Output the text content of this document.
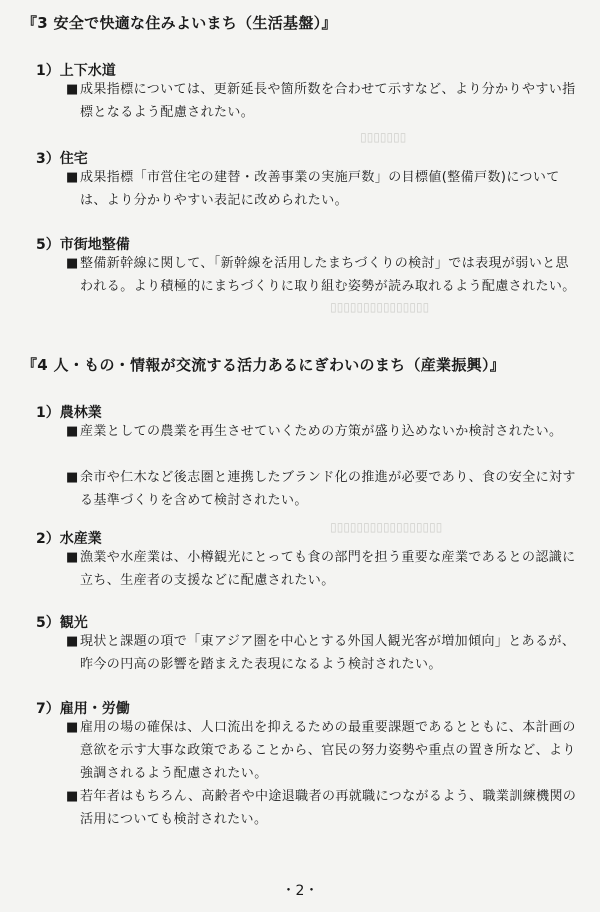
▯▯▯▯▯▯▯
▯▯▯▯▯▯▯▯▯▯▯▯▯▯▯
▯▯▯▯▯▯▯▯▯▯▯▯▯▯▯▯▯
『3 安全で快適な住みよいまち（生活基盤）』
1）上下水道
■成果指標については、更新延長や箇所数を合わせて示すなど、より分かりやすい指標となるよう配慮されたい。
3）住宅
■成果指標「市営住宅の建替・改善事業の実施戸数」の目標値(整備戸数)については、より分かりやすい表記に改められたい。
5）市街地整備
■整備新幹線に関して、「新幹線を活用したまちづくりの検討」では表現が弱いと思われる。より積極的にまちづくりに取り組む姿勢が読み取れるよう配慮されたい。
『4 人・もの・情報が交流する活力あるにぎわいのまち（産業振興）』
1）農林業
■産業としての農業を再生させていくための方策が盛り込めないか検討されたい。
■余市や仁木など後志圏と連携したブランド化の推進が必要であり、食の安全に対する基準づくりを含めて検討されたい。
2）水産業
■漁業や水産業は、小樽観光にとっても食の部門を担う重要な産業であるとの認識に立ち、生産者の支援などに配慮されたい。
5）観光
■現状と課題の項で「東アジア圏を中心とする外国人観光客が増加傾向」とあるが、昨今の円高の影響を踏まえた表現になるよう検討されたい。
7）雇用・労働
■雇用の場の確保は、人口流出を抑えるための最重要課題であるとともに、本計画の意欲を示す大事な政策であることから、官民の努力姿勢や重点の置き所など、より強調されるよう配慮されたい。
■若年者はもちろん、高齢者や中途退職者の再就職につながるよう、職業訓練機関の活用についても検討されたい。
・2・
